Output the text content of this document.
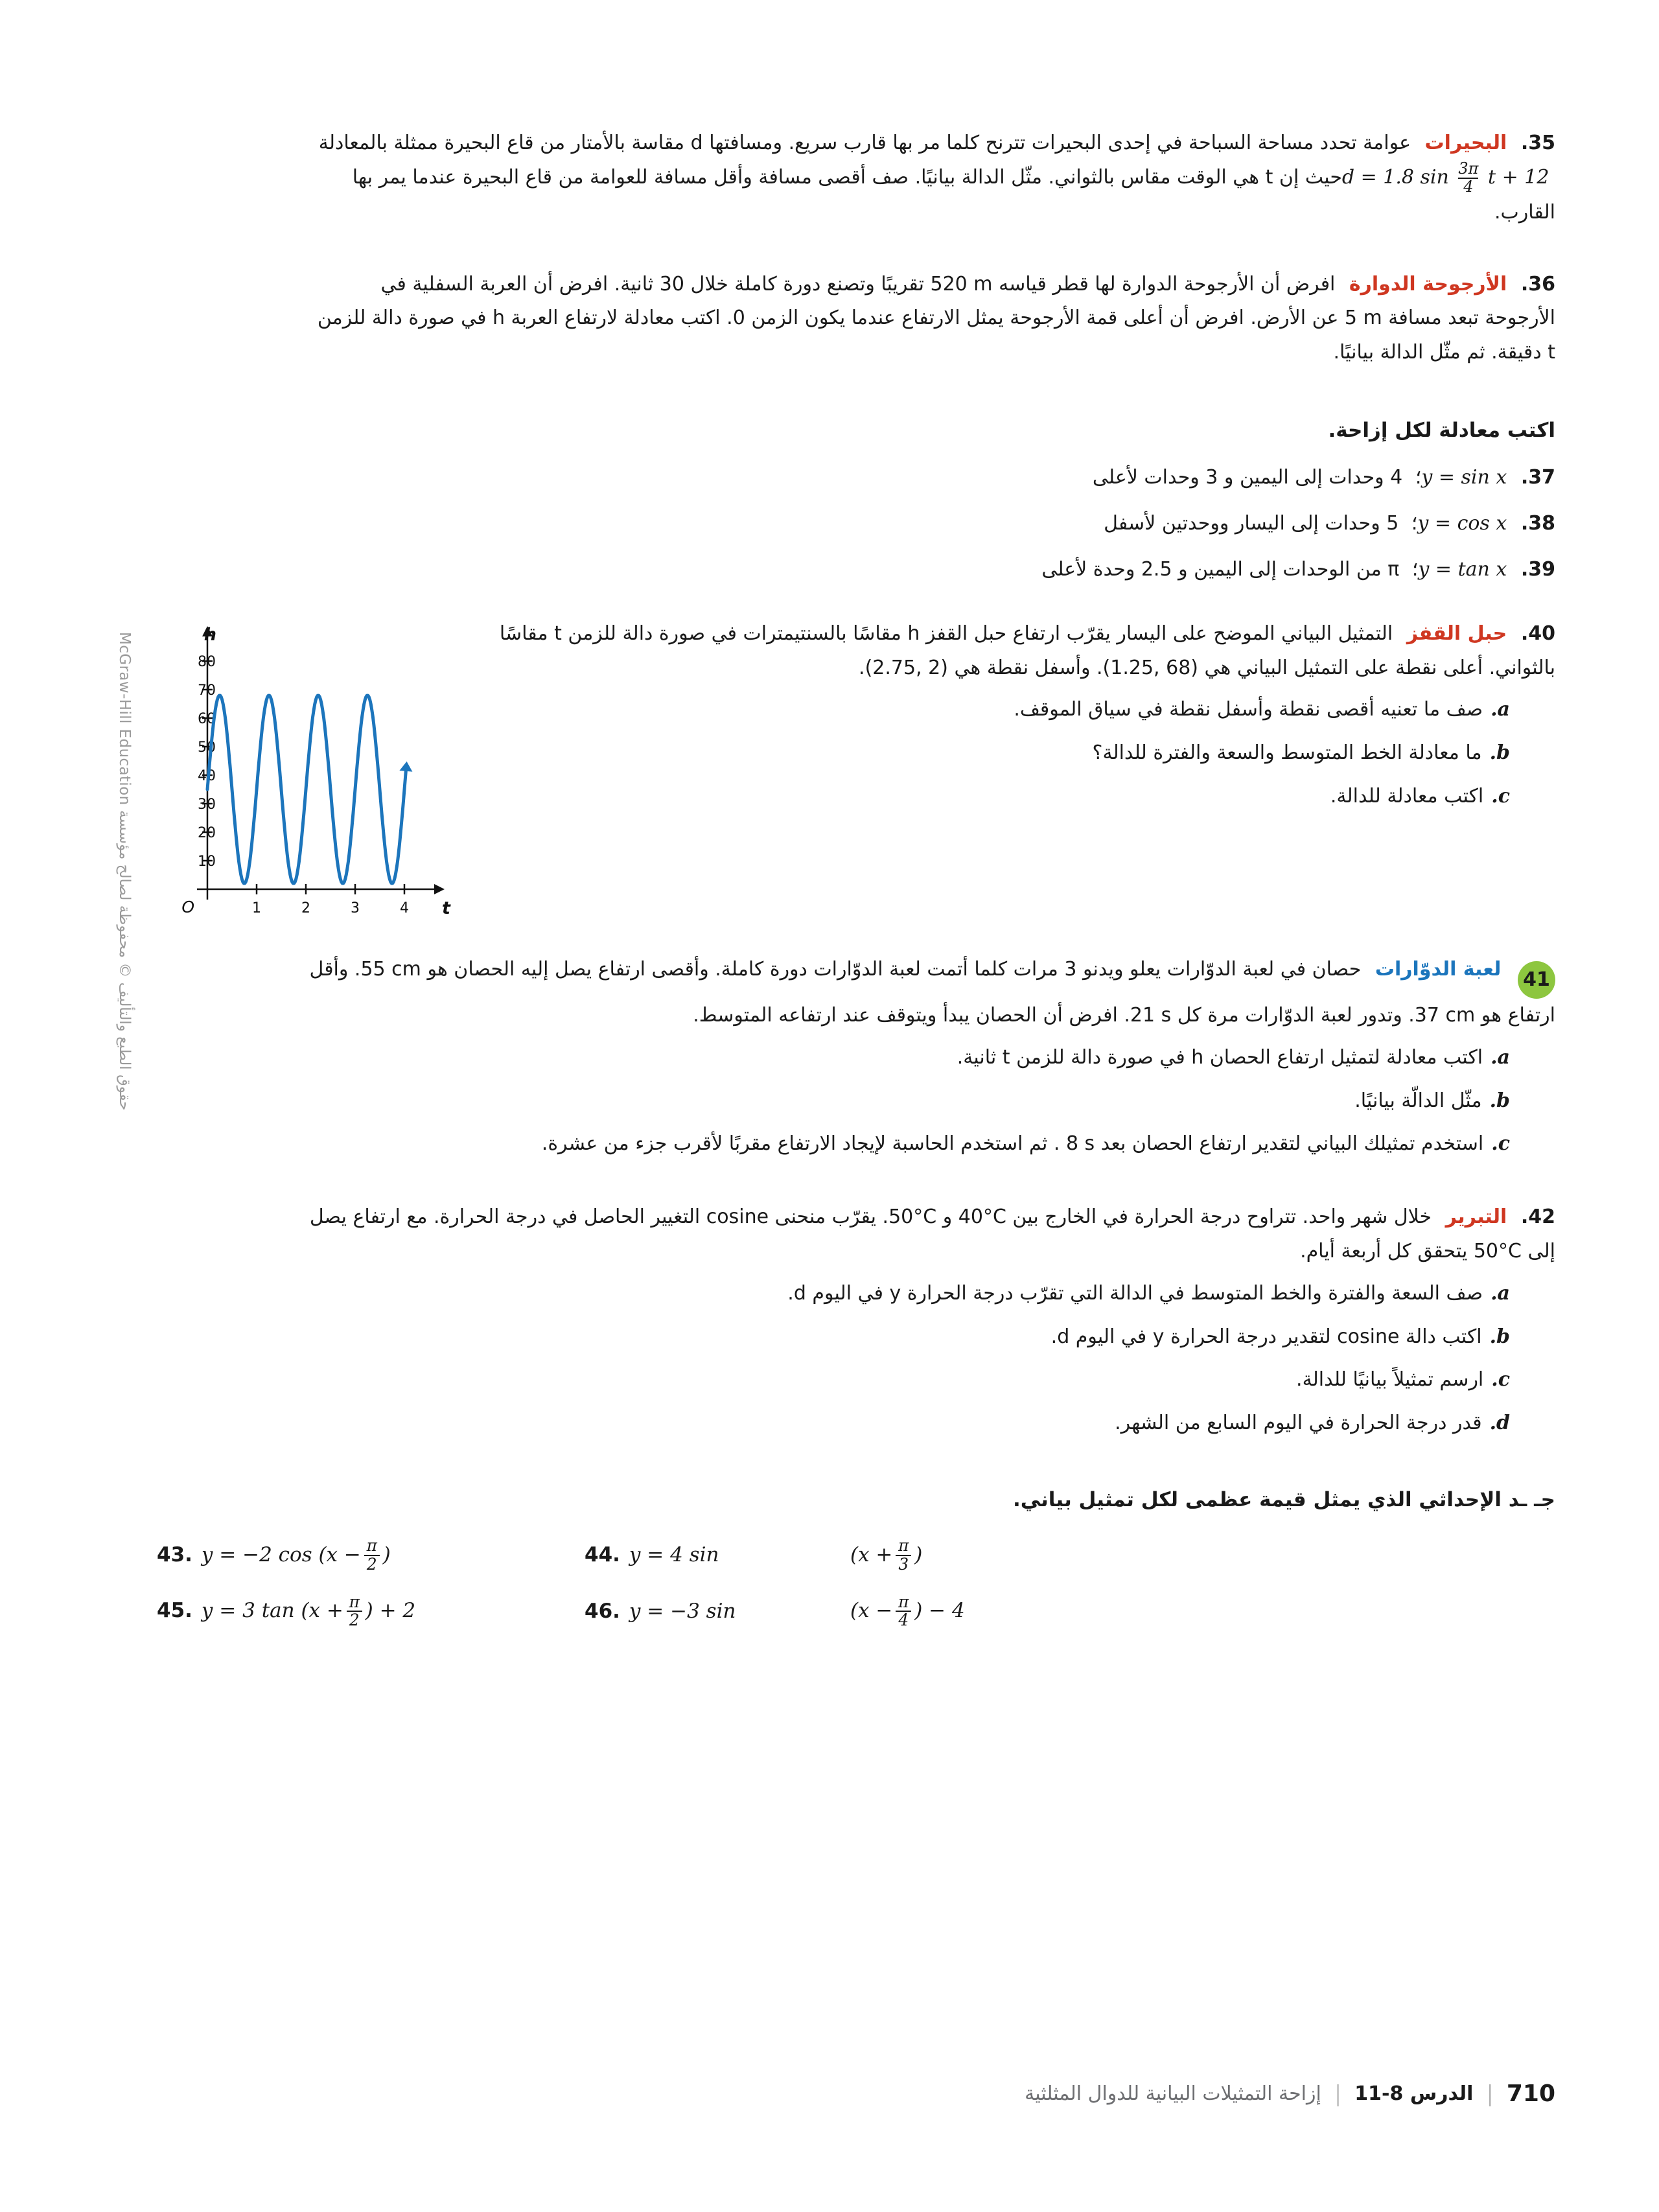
حقوق الطبع والتأليف © محفوظة لصالح مؤسسة McGraw-Hill Education

35. البحيرات عوامة تحدد مساحة السباحة في إحدى البحيرات تترنح كلما مر بها قارب سريع. ومسافتها d مقاسة بالأمتار من قاع البحيرة ممثلة بالمعادلة d = 1.8 $\sin \frac{3\pi}{4}$ t + 12 حيث إن t هي الوقت مقاس بالثواني. مثّل الدالة بيانيًا. صف أقصى مسافة وأقل مسافة للعوامة من قاع البحيرة عندما يمر بها القارب.

36. الأرجوحة الدوارة افرض أن الأرجوحة الدوارة لها قطر قياسه ⁦520 m⁩ تقريبًا وتصنع دورة كاملة خلال 30 ثانية. افرض أن العربة السفلية في الأرجوحة تبعد مسافة ⁦5 m⁩ عن الأرض. افرض أن أعلى قمة الأرجوحة يمثل الارتفاع عندما يكون الزمن 0. اكتب معادلة لارتفاع العربة h في صورة دالة للزمن t دقيقة. ثم مثّل الدالة بيانيًا.

اكتب معادلة لكل إزاحة.

37. y = sin x؛ 4 وحدات إلى اليمين و 3 وحدات لأعلى

38. y = cos x؛ 5 وحدات إلى اليسار ووحدتين لأسفل

39. y = tan x؛ π من الوحدات إلى اليمين و 2.5 وحدة لأعلى

40. حبل القفز التمثيل البياني الموضح على اليسار يقرّب ارتفاع حبل القفز h مقاسًا بالسنتيمترات في صورة دالة للزمن t مقاسًا بالثواني. أعلى نقطة على التمثيل البياني هي ⁦(1.25, 68)⁩. وأسفل نقطة هي ⁦(2.75, 2)⁩.

a.صف ما تعنيه أقصى نقطة وأسفل نقطة في سياق الموقف.

b.ما معادلة الخط المتوسط والسعة والفترة للدالة؟

c.اكتب معادلة للدالة.

10
20
30
40
50
60
70
80
1	2	3	4
h
t
O

41 لعبة الدوّارات حصان في لعبة الدوّارات يعلو ويدنو 3 مرات كلما أتمت لعبة الدوّارات دورة كاملة. وأقصى ارتفاع يصل إليه الحصان هو ⁦55 cm⁩. وأقل ارتفاع هو ⁦37 cm⁩. وتدور لعبة الدوّارات مرة كل ⁦21 s⁩. افرض أن الحصان يبدأ ويتوقف عند ارتفاعه المتوسط.

a.اكتب معادلة لتمثيل ارتفاع الحصان h في صورة دالة للزمن t ثانية.

b.مثّل الدالّة بيانيًا.

c.استخدم تمثيلك البياني لتقدير ارتفاع الحصان بعد ⁦8 s⁩ . ثم استخدم الحاسبة لإيجاد الارتفاع مقربًا لأقرب جزء من عشرة.

42. التبرير خلال شهر واحد. تتراوح درجة الحرارة في الخارج بين ⁦40°C⁩ و ⁦50°C⁩. يقرّب منحنى cosine التغيير الحاصل في درجة الحرارة. مع ارتفاع يصل إلى ⁦50°C⁩ يتحقق كل أربعة أيام.

a.صف السعة والفترة والخط المتوسط في الدالة التي تقرّب درجة الحرارة y في اليوم d.

b.اكتب دالة cosine لتقدير درجة الحرارة y في اليوم d.

c.ارسم تمثيلاً بيانيًا للدالة.

d.قدر درجة الحرارة في اليوم السابع من الشهر.

جـ ـد الإحداثي الذي يمثل قيمة عظمى لكل تمثيل بياني.

43. y = −2 $\cos (x - \frac{\pi}{2}$ )	44. y = 4 sin	($x + \frac{\pi}{3}$ )
45. y = 3 $\tan (x + \frac{\pi}{2}$ ) + 2	46. y = −3 sin	($x - \frac{\pi}{4}$ ) − 4
710
|
الدرس 8-11
|
إزاحة التمثيلات البيانية للدوال المثلثية
